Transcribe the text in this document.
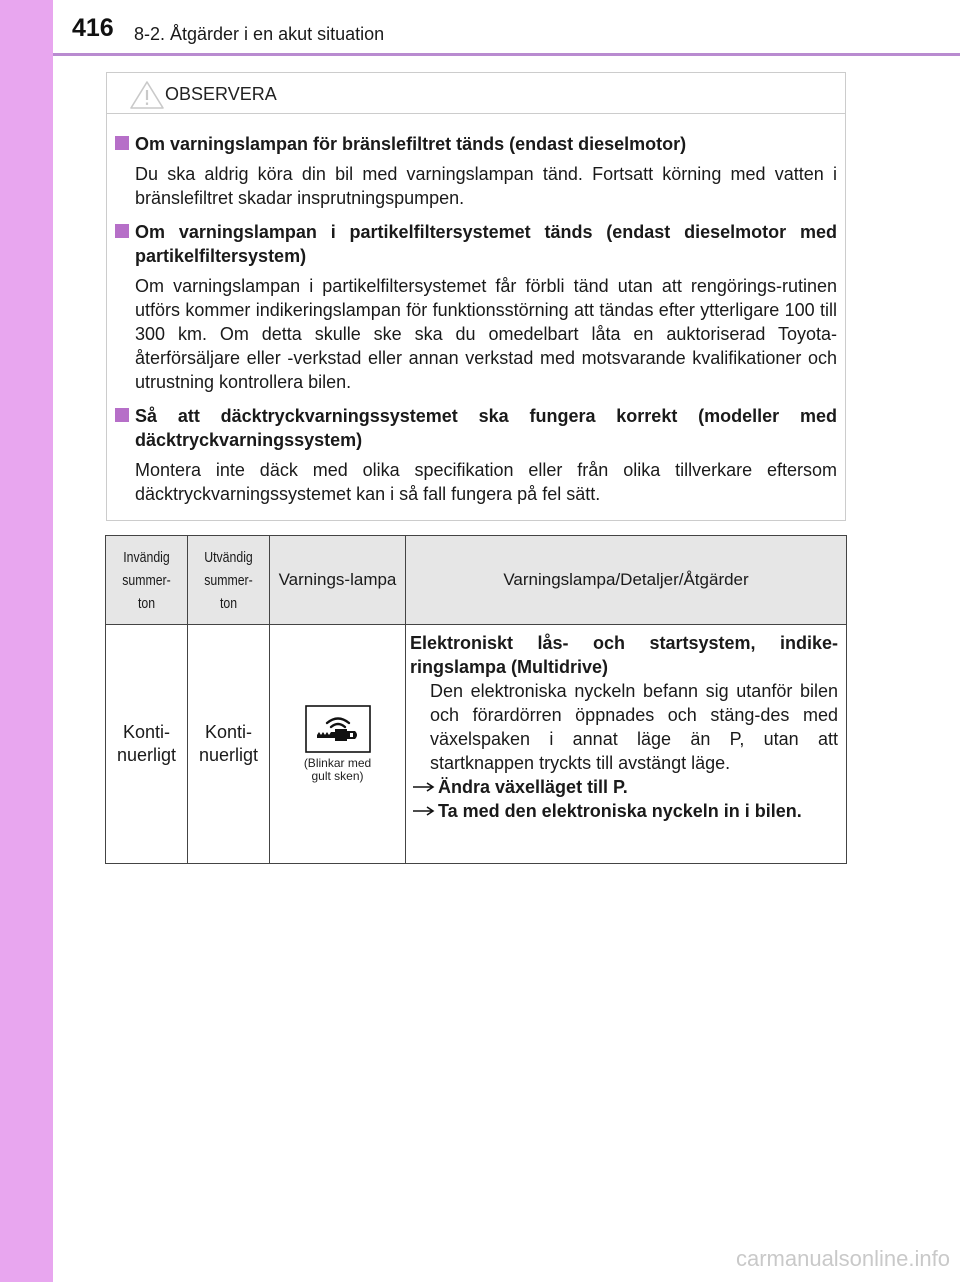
416 8-2. Åtgärder i en akut situation
OBSERVERA
Om varningslampan för bränslefiltret tänds (endast dieselmotor)
Du ska aldrig köra din bil med varningslampan tänd. Fortsatt körning med vatten i bränslefiltret skadar insprutningspumpen.
Om varningslampan i partikelfiltersystemet tänds (endast dieselmotor med partikelfiltersystem)
Om varningslampan i partikelfiltersystemet får förbli tänd utan att rengörings-rutinen utförs kommer indikeringslampan för funktionsstörning att tändas efter ytterligare 100 till 300 km. Om detta skulle ske ska du omedelbart låta en auktoriserad Toyota-återförsäljare eller -verkstad eller annan verkstad med motsvarande kvalifikationer och utrustning kontrollera bilen.
Så att däcktryckvarningssystemet ska fungera korrekt (modeller med däcktryckvarningssystem)
Montera inte däck med olika specifikation eller från olika tillverkare eftersom däcktryckvarningssystemet kan i så fall fungera på fel sätt.
Invändig summer-ton	Utvändig summer-ton	Varnings-lampa	Varningslampa/Detaljer/Åtgärder
Konti-nuerligt	Konti-nuerligt	(Blinkar med gult sken)	Elektroniskt lås- och startsystem, indike-ringslampa (Multidrive)
Den elektroniska nyckeln befann sig utanför bilen och förardörren öppnades och stäng-des med växelspaken i annat läge än P, utan att startknappen tryckts till avstängt läge.
Ändra växelläget till P.
Ta med den elektroniska nyckeln in i bilen.
carmanualsonline.info
